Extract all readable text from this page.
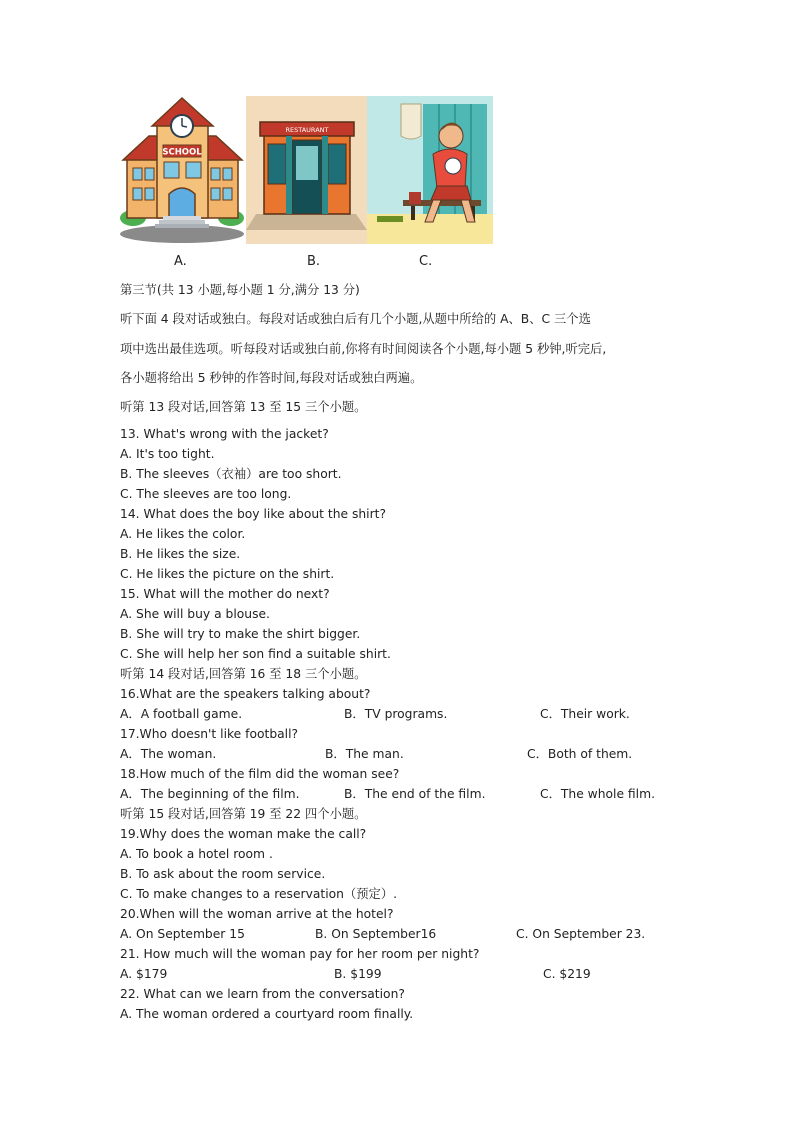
SCHOOL
RESTAURANT
A.	B.	C.
第三节(共 13 小题,每小题 1 分,满分 13 分)
听下面 4 段对话或独白。每段对话或独白后有几个小题,从题中所给的 A、B、C 三个选
项中选出最佳选项。听每段对话或独白前,你将有时间阅读各个小题,每小题 5 秒钟,听完后,
各小题将给出 5 秒钟的作答时间,每段对话或独白两遍。
听第 13 段对话,回答第 13 至 15 三个小题。
13. What's wrong with the jacket?
A. It's too tight.
B. The sleeves（衣袖）are too short.
C. The sleeves are too long.
14. What does the boy like about the shirt?
A. He likes the color.
B. He likes the size.
C. He likes the picture on the shirt.
15. What will the mother do next?
A. She will buy a blouse.
B. She will try to make the shirt bigger.
C. She will help her son find a suitable shirt.
听第 14 段对话,回答第 16 至 18 三个小题。
16.What are the speakers talking about?
A．A football game.	B．TV programs.	C．Their work.
17.Who doesn't like football?
A．The woman.	B．The man.	C．Both of them.
18.How much of the film did the woman see?
A．The beginning of the film.	B．The end of the film.	C．The whole film.
听第 15 段对话,回答第 19 至 22 四个小题。
19.Why does the woman make the call?
A. To book a hotel room .
B. To ask about the room service.
C. To make changes to a reservation（预定）.
20.When will the woman arrive at the hotel?
A. On September 15	B. On September16	C. On September 23.
21. How much will the woman pay for her room per night?
A. $179	B. $199	C. $219
22. What can we learn from the conversation?
A. The woman ordered a courtyard room finally.
